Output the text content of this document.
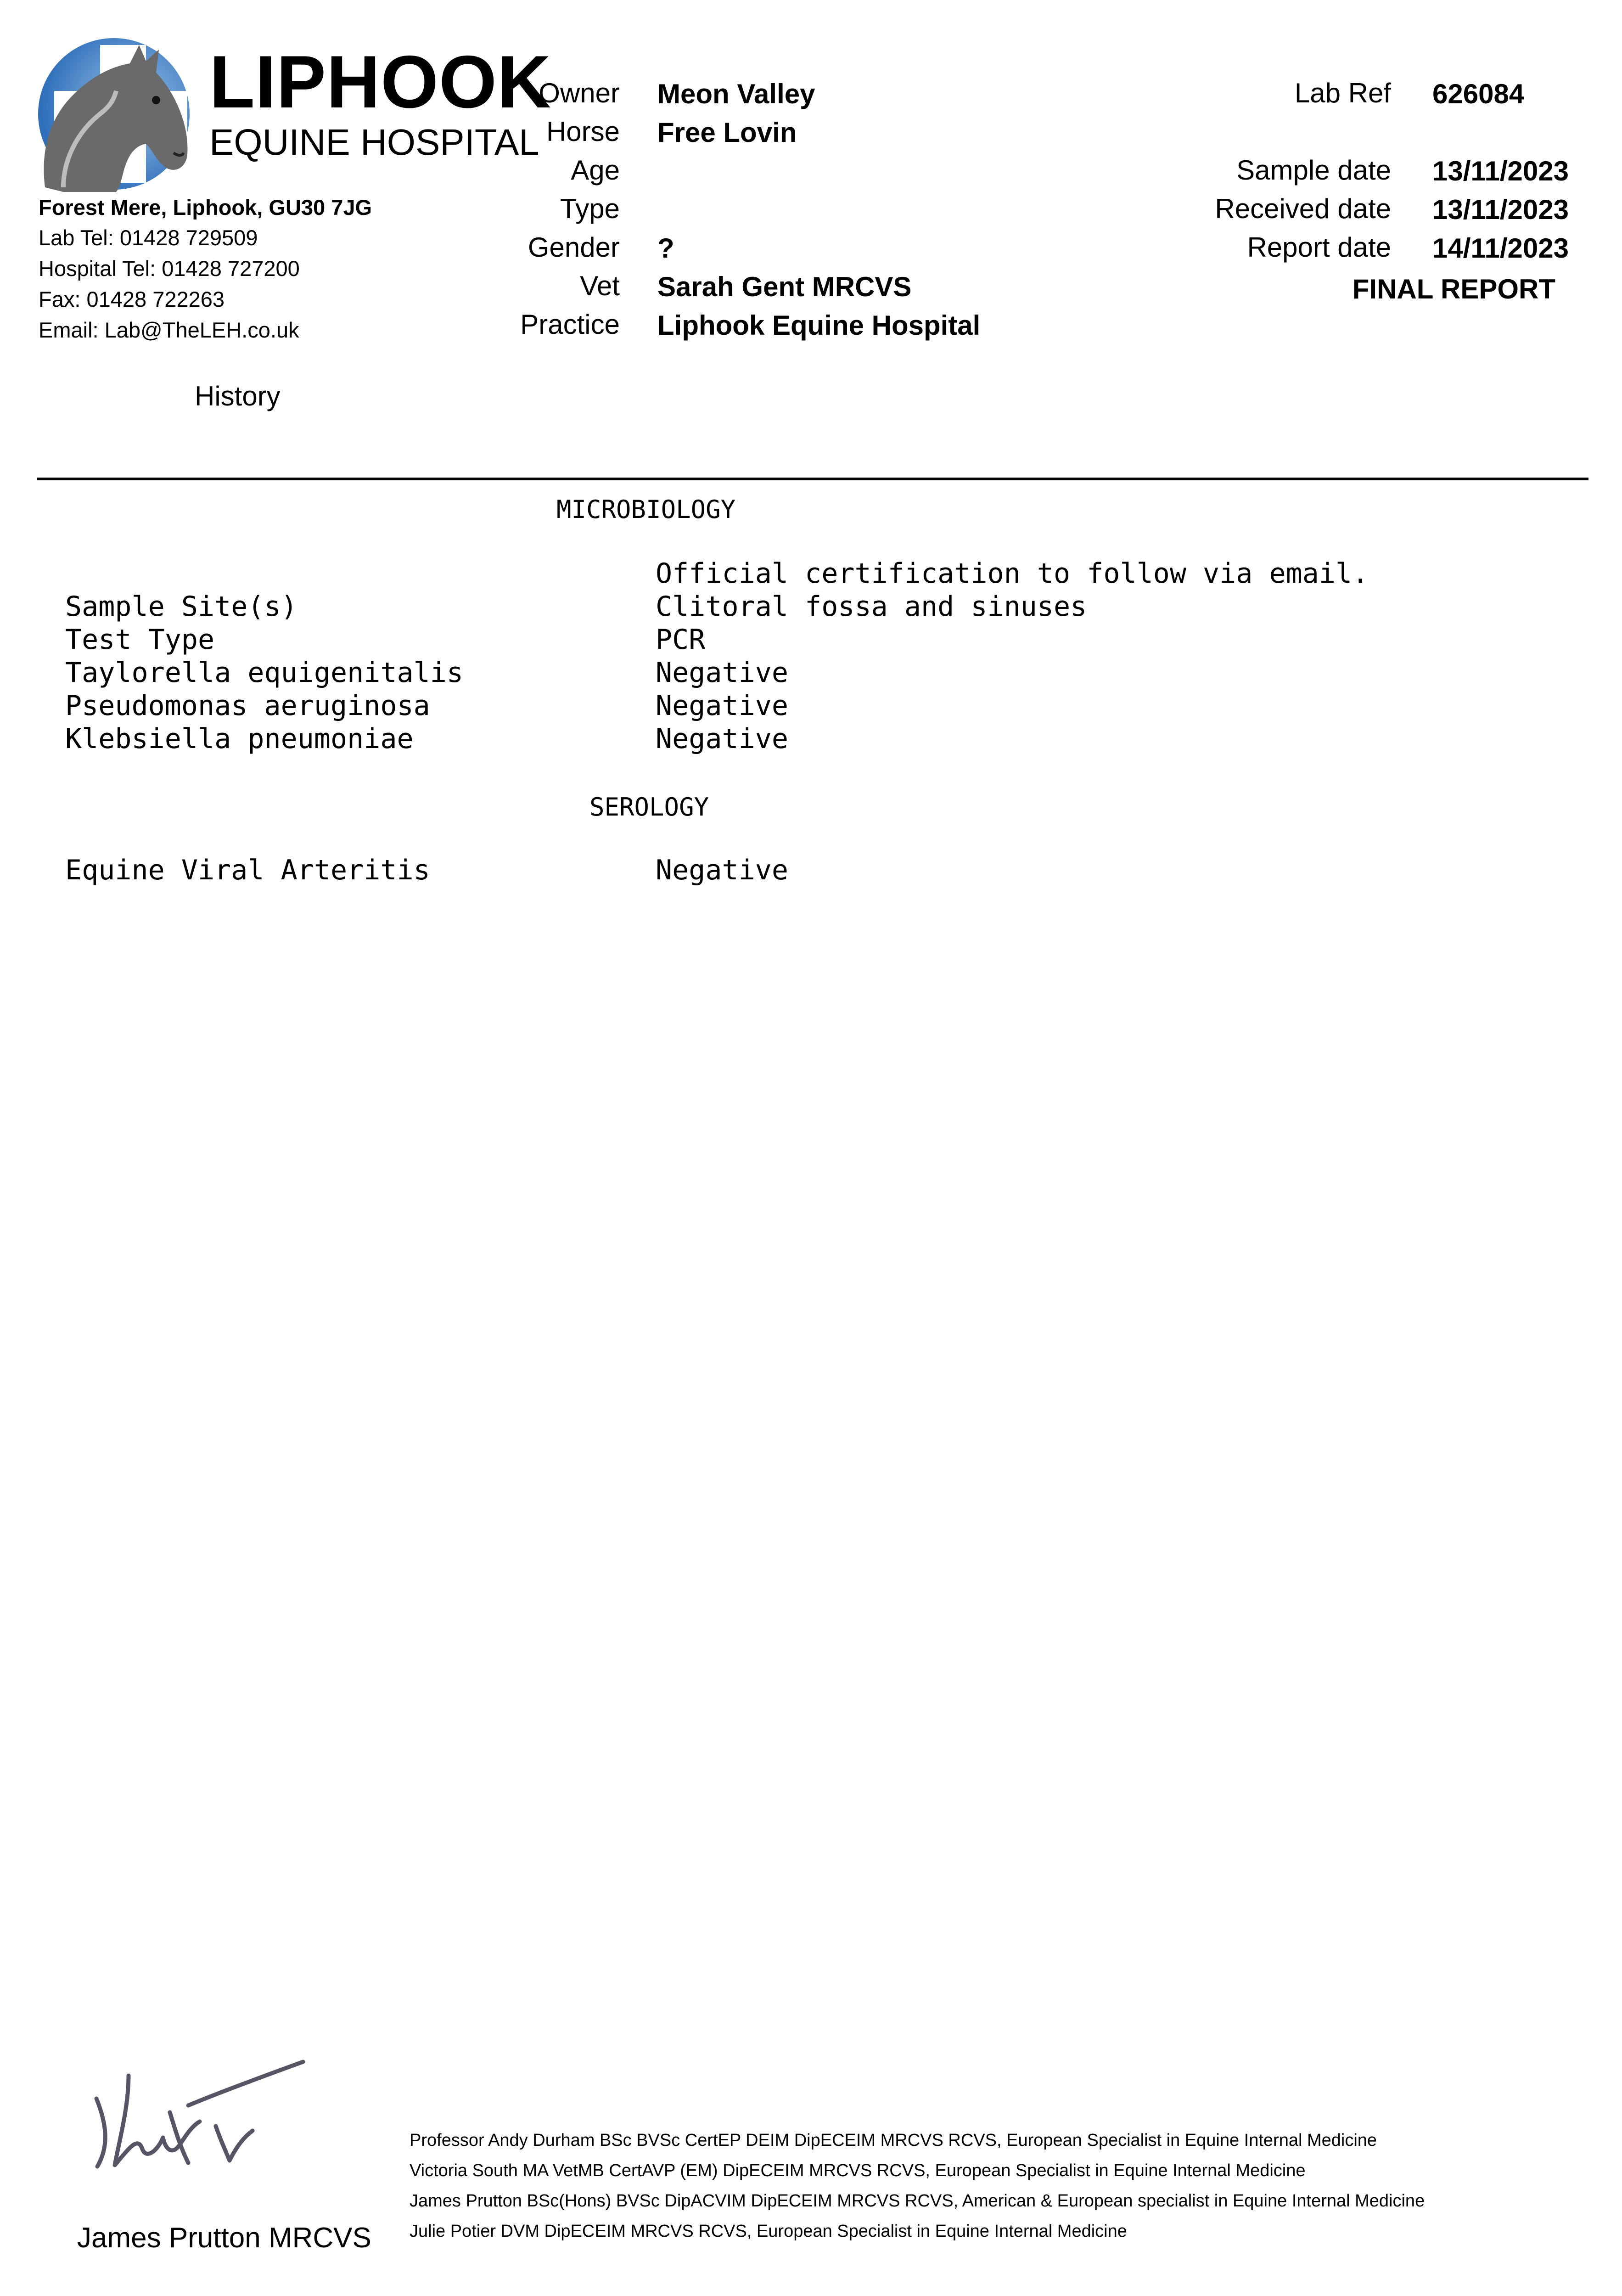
LIPHOOK
EQUINE HOSPITAL
Forest Mere, Liphook, GU30 7JG
Lab Tel: 01428 729509
Hospital Tel: 01428 727200
Fax: 01428 722263
Email: Lab@TheLEH.co.uk
Owner Meon Valley
Horse Free Lovin
Age
Type
Gender ?
Vet Sarah Gent MRCVS
Practice Liphook Equine Hospital
Lab Ref 626084
Sample date 13/11/2023
Received date 13/11/2023
Report date 14/11/2023
FINAL REPORT
History
MICROBIOLOGY
Official certification to follow via email.
Sample Site(s)	Clitoral fossa and sinuses
Test Type	PCR
Taylorella equigenitalis	Negative
Pseudomonas aeruginosa	Negative
Klebsiella pneumoniae	Negative
SEROLOGY
Equine Viral Arteritis	Negative
James Prutton MRCVS
Professor Andy Durham BSc BVSc CertEP DEIM DipECEIM MRCVS RCVS, European Specialist in Equine Internal Medicine
Victoria South MA VetMB CertAVP (EM) DipECEIM MRCVS RCVS, European Specialist in Equine Internal Medicine
James Prutton BSc(Hons) BVSc DipACVIM DipECEIM MRCVS RCVS, American & European specialist in Equine Internal Medicine
Julie Potier DVM DipECEIM MRCVS RCVS, European Specialist in Equine Internal Medicine
